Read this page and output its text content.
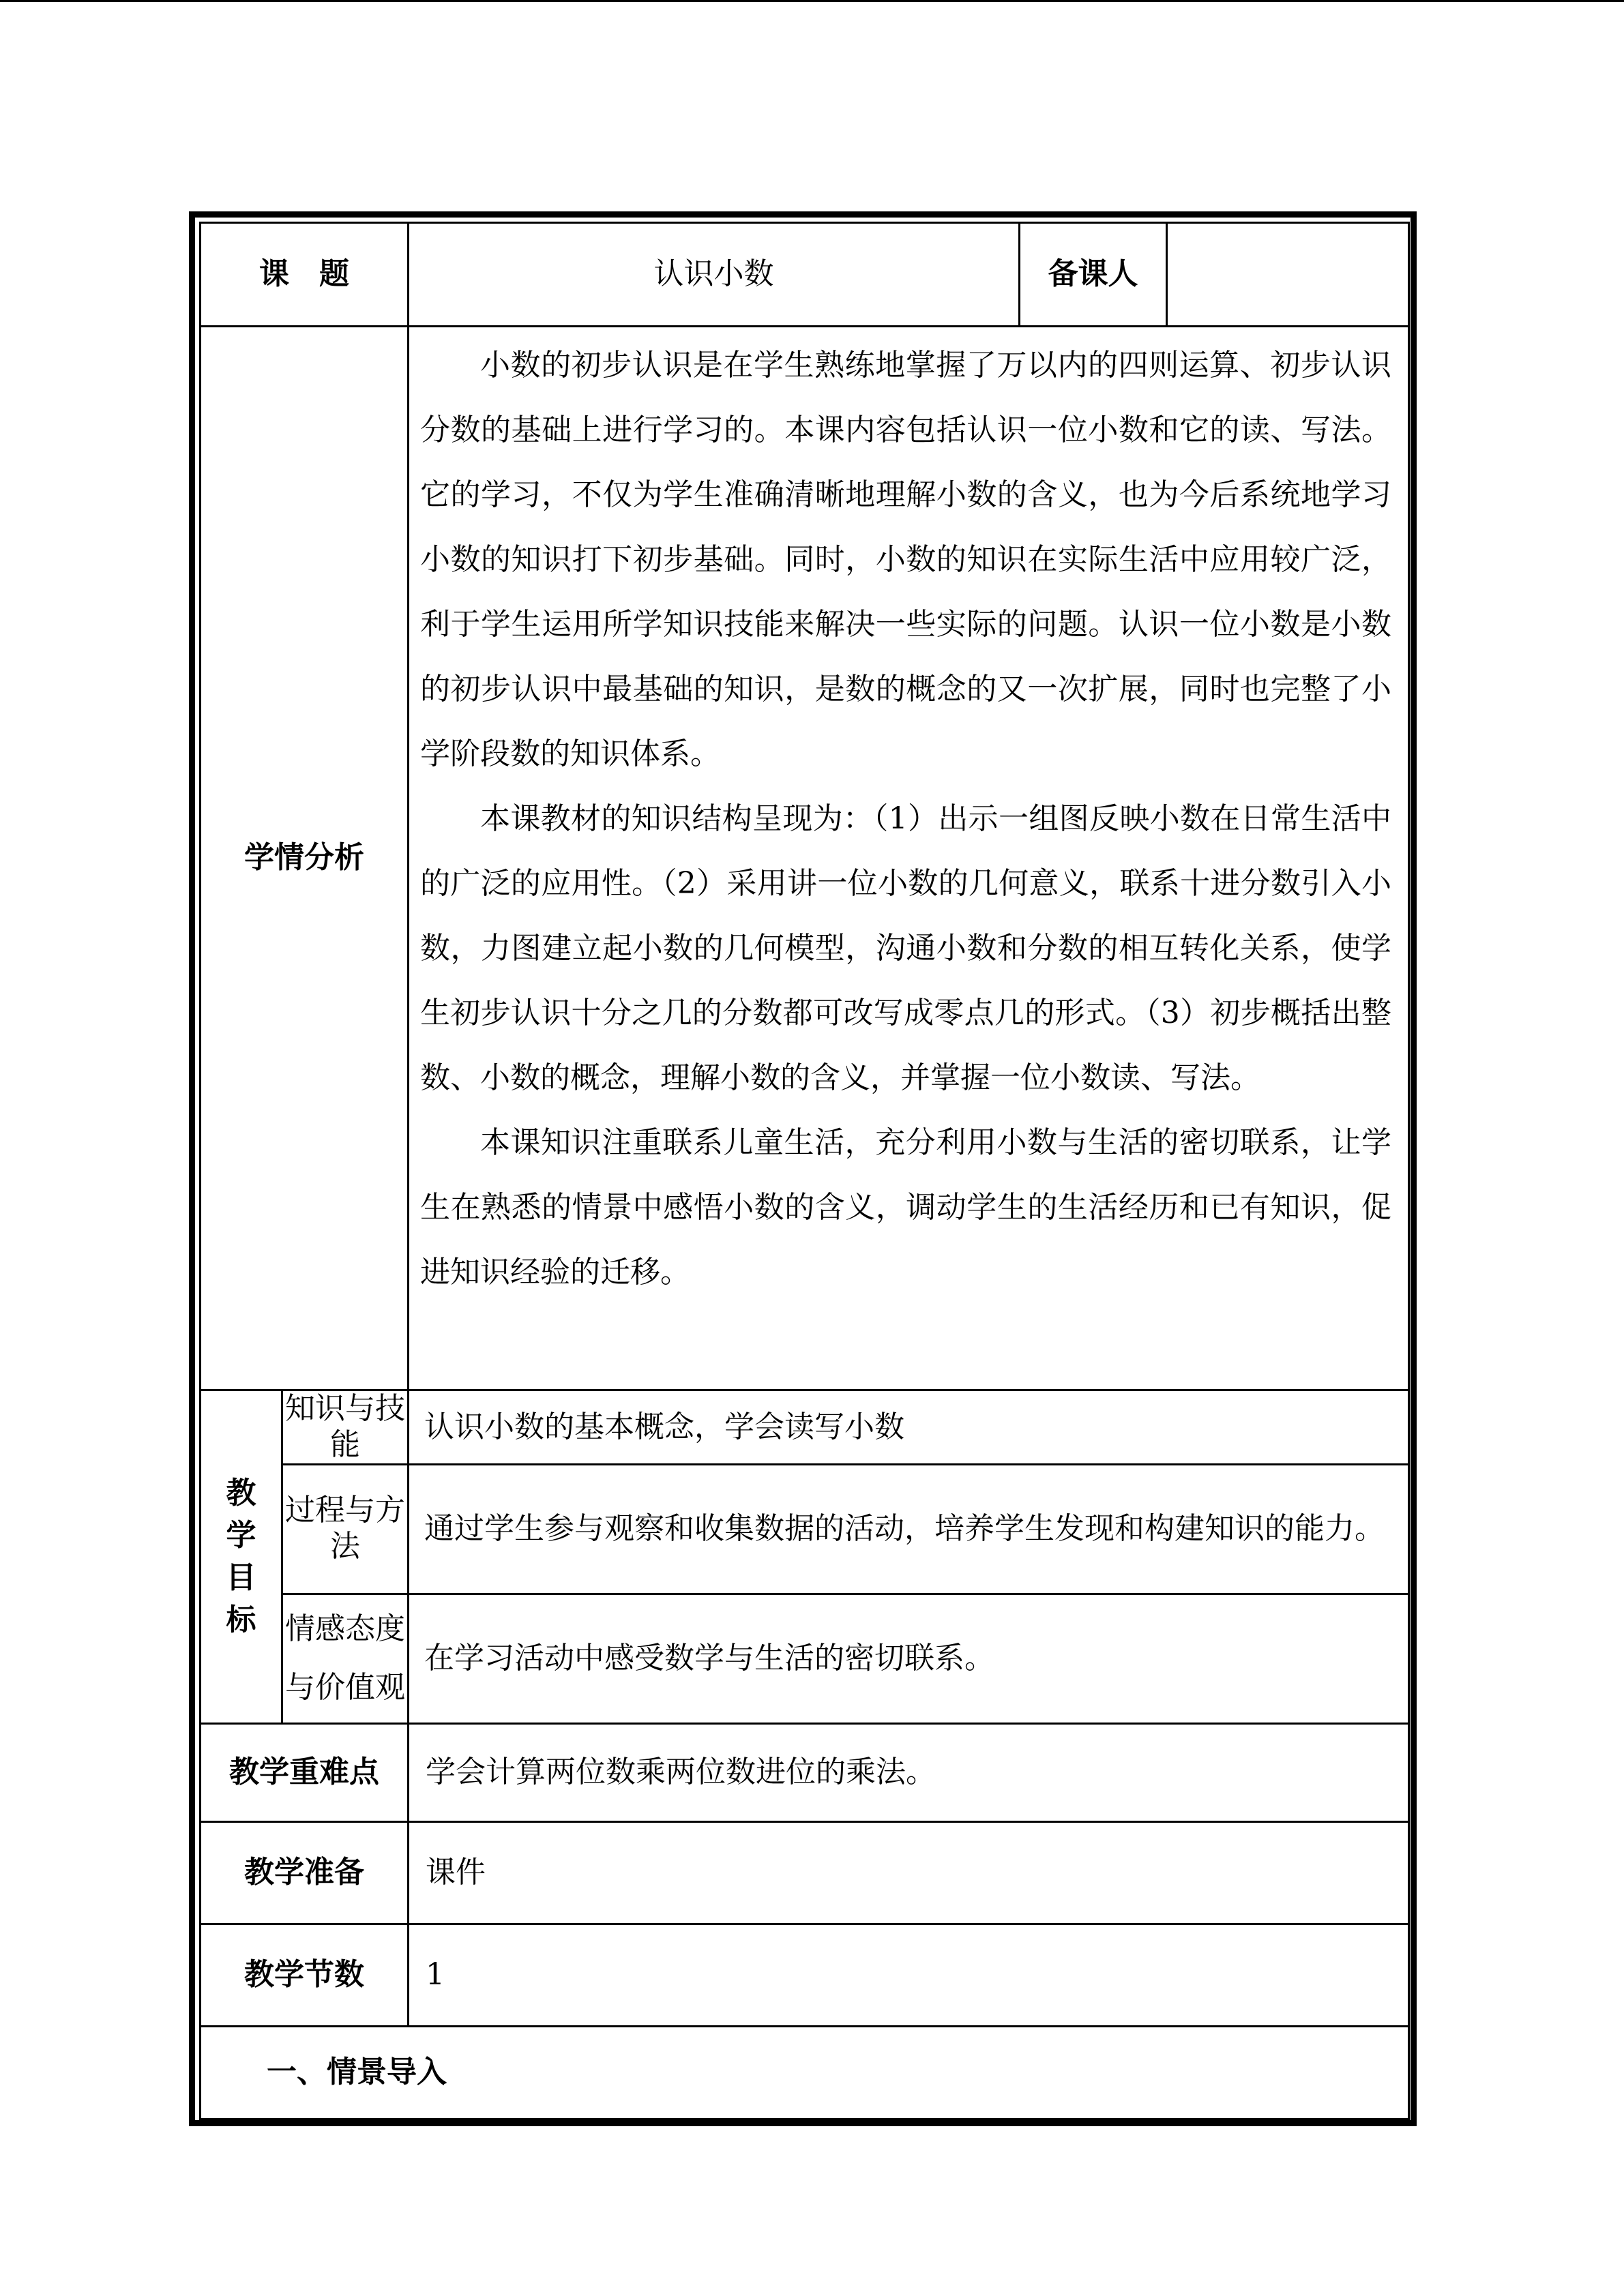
课　题		认识小数	备课人	
学情分析		小数的初步认识是在学生熟练地掌握了万以内的四则运算、初步认识分数的基础上进行学习的。本课内容包括认识一位小数和它的读、写法。它的学习，不仅为学生准确清晰地理解小数的含义，也为今后系统地学习小数的知识打下初步基础。同时，小数的知识在实际生活中应用较广泛，利于学生运用所学知识技能来解决一些实际的问题。认识一位小数是小数的初步认识中最基础的知识，是数的概念的又一次扩展，同时也完整了小学阶段数的知识体系。

本课教材的知识结构呈现为：（1）出示一组图反映小数在日常生活中的广泛的应用性。（2）采用讲一位小数的几何意义，联系十进分数引入小数，力图建立起小数的几何模型，沟通小数和分数的相互转化关系，使学生初步认识十分之几的分数都可改写成零点几的形式。（3）初步概括出整数、小数的概念，理解小数的含义，并掌握一位小数读、写法。

本课知识注重联系儿童生活，充分利用小数与生活的密切联系，让学生在熟悉的情景中感悟小数的含义，调动学生的生活经历和已有知识，促进知识经验的迁移。		

教学目标	知识与技能	认识小数的基本概念，学会读写小数		
	过程与方法	通过学生参与观察和收集数据的活动，培养学生发现和构建知识的能力。		
	情感态度与价值观	在学习活动中感受数学与生活的密切联系。		
教学重难点		学会计算两位数乘两位数进位的乘法。		
教学准备		课件		
教学节数		1		
一、情景导入				
